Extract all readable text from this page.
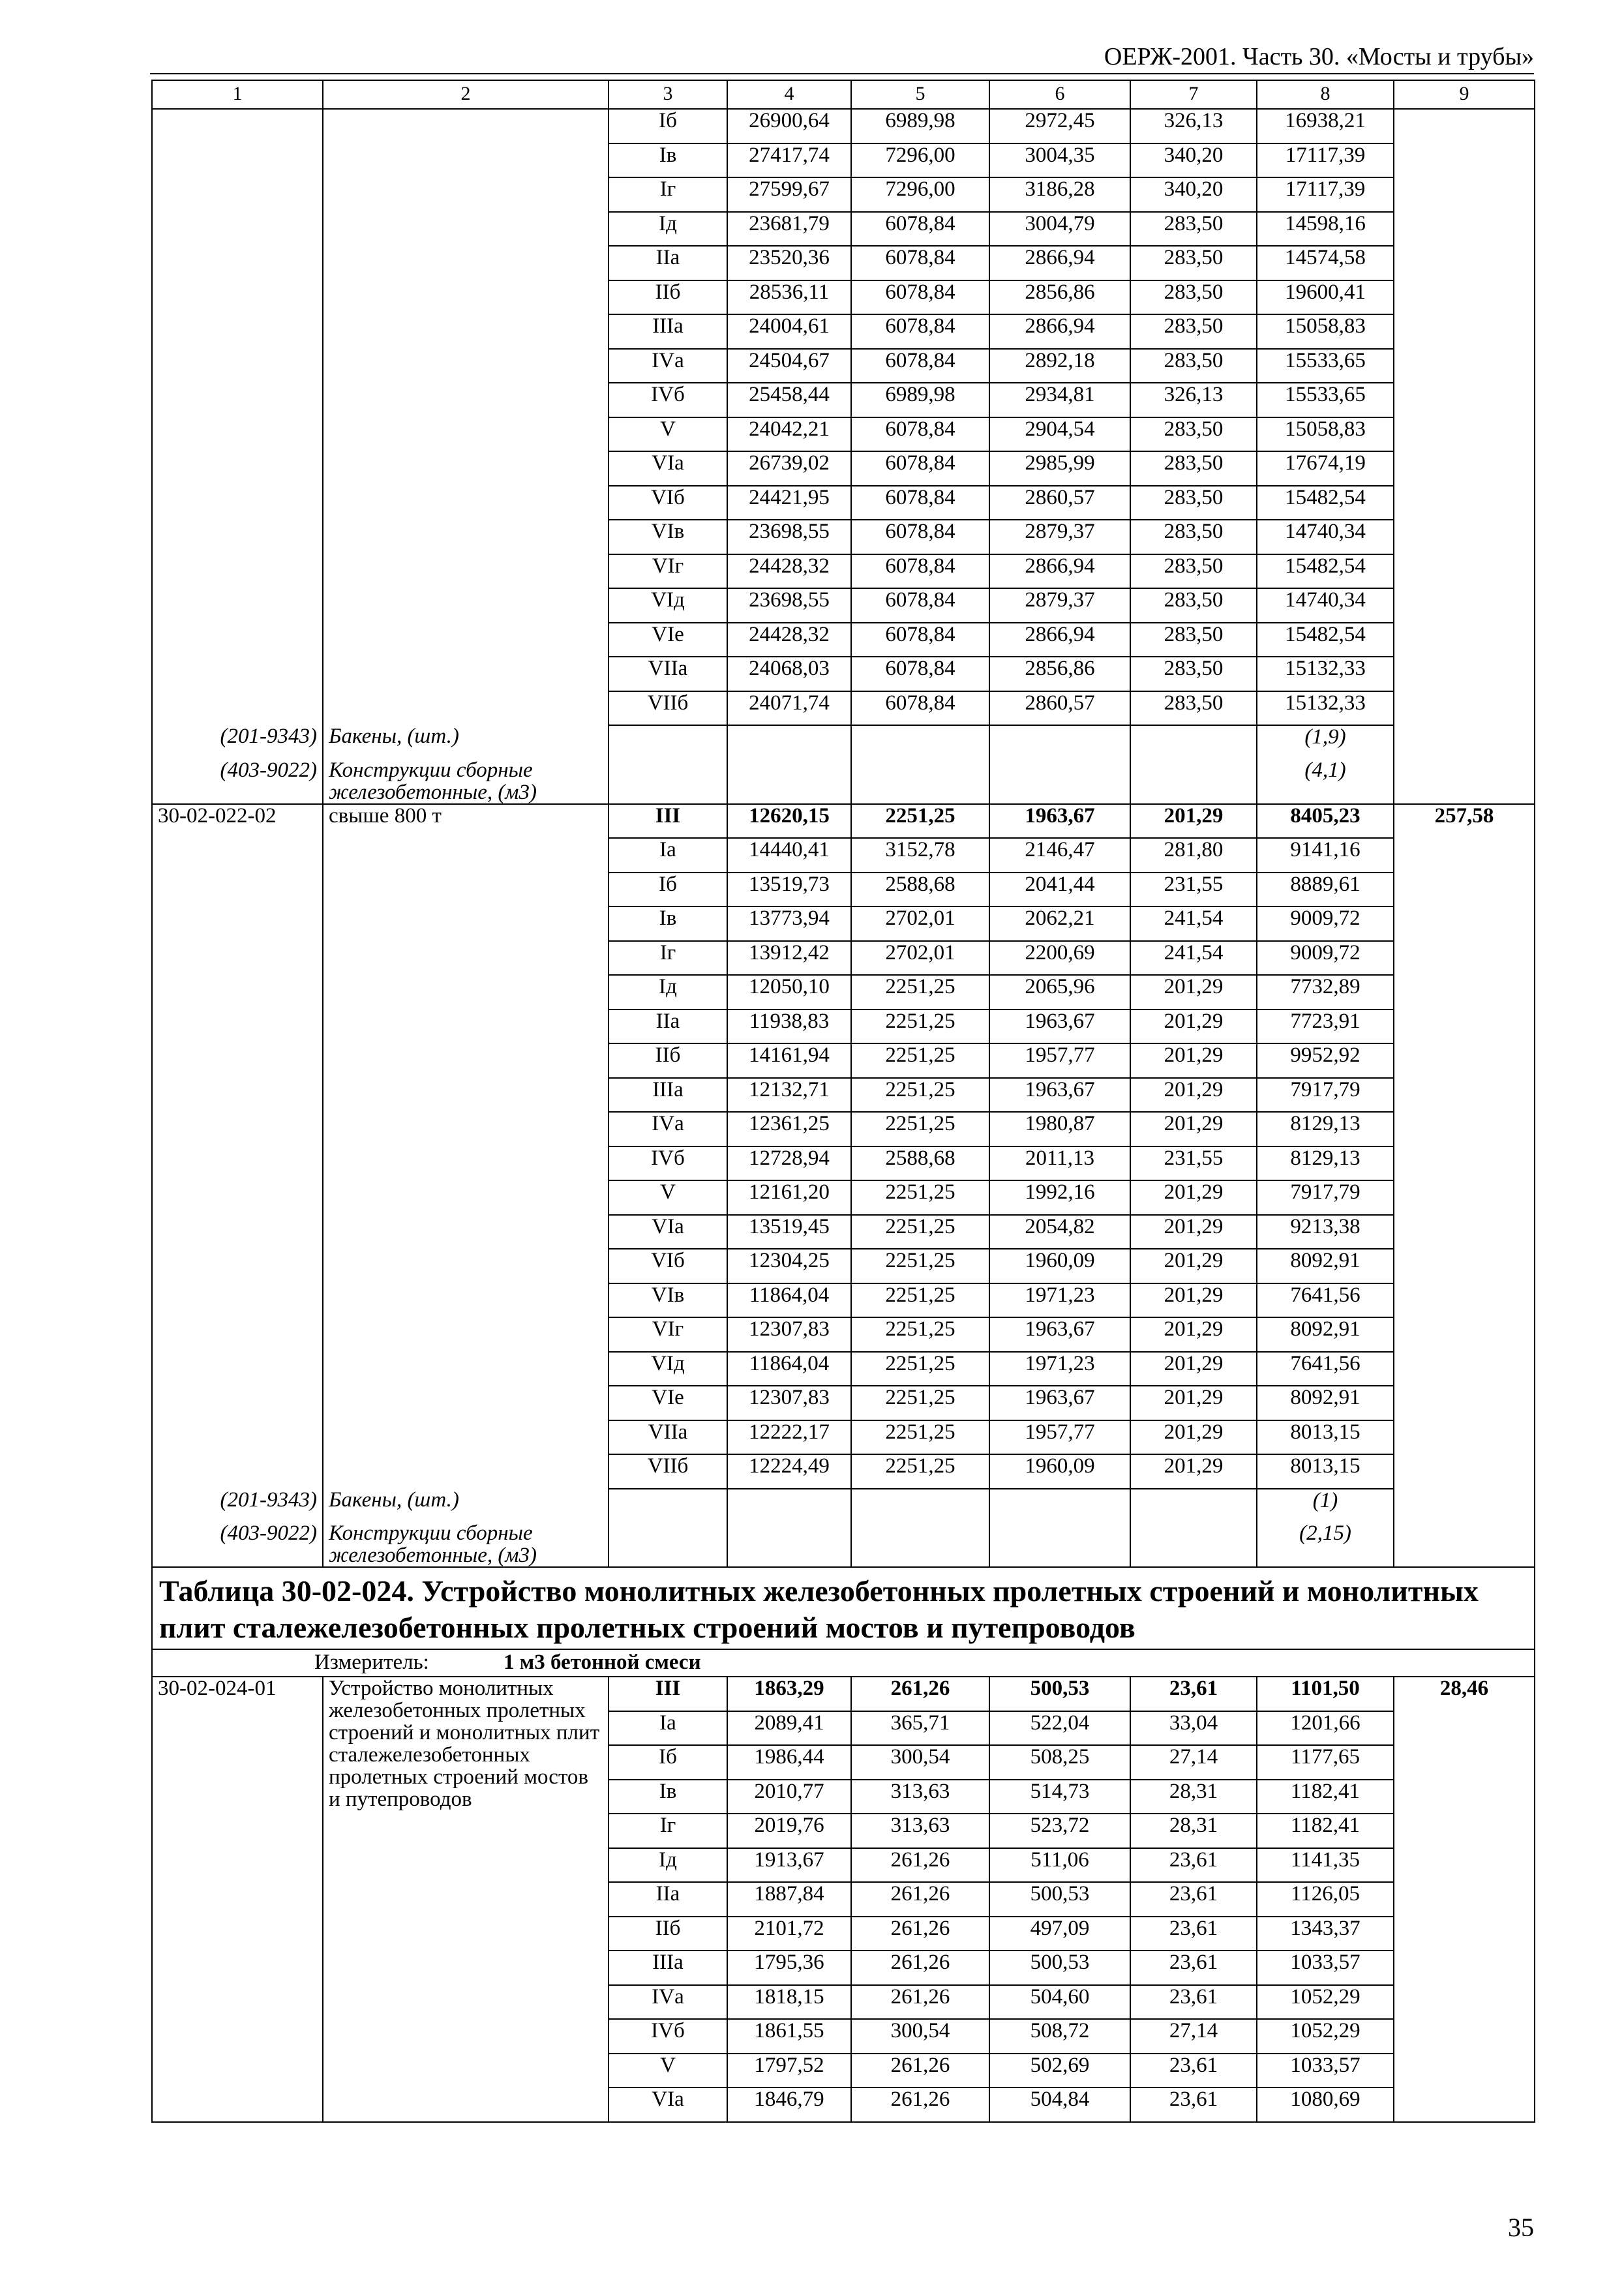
ОЕРЖ-2001. Часть 30. «Мосты и трубы»
1	2	3	4	5	6	7	8	9
		Iб	26900,64	6989,98	2972,45	326,13	16938,21	
		Iв	27417,74	7296,00	3004,35	340,20	17117,39	
		Iг	27599,67	7296,00	3186,28	340,20	17117,39	
		Iд	23681,79	6078,84	3004,79	283,50	14598,16	
		IIа	23520,36	6078,84	2866,94	283,50	14574,58	
		IIб	28536,11	6078,84	2856,86	283,50	19600,41	
		IIIа	24004,61	6078,84	2866,94	283,50	15058,83	
		IVа	24504,67	6078,84	2892,18	283,50	15533,65	
		IVб	25458,44	6989,98	2934,81	326,13	15533,65	
		V	24042,21	6078,84	2904,54	283,50	15058,83	
		VIа	26739,02	6078,84	2985,99	283,50	17674,19	
		VIб	24421,95	6078,84	2860,57	283,50	15482,54	
		VIв	23698,55	6078,84	2879,37	283,50	14740,34	
		VIг	24428,32	6078,84	2866,94	283,50	15482,54	
		VIд	23698,55	6078,84	2879,37	283,50	14740,34	
		VIе	24428,32	6078,84	2866,94	283,50	15482,54	
		VIIа	24068,03	6078,84	2856,86	283,50	15132,33	
		VIIб	24071,74	6078,84	2860,57	283,50	15132,33	
(201-9343)	Бакены, (шт.)						(1,9)	
(403-9022)	Конструкции сборные железобетонные, (м3)						(4,1)	
30-02-022-02	свыше 800 т	III	12620,15	2251,25	1963,67	201,29	8405,23	257,58
		Iа	14440,41	3152,78	2146,47	281,80	9141,16	
		Iб	13519,73	2588,68	2041,44	231,55	8889,61	
		Iв	13773,94	2702,01	2062,21	241,54	9009,72	
		Iг	13912,42	2702,01	2200,69	241,54	9009,72	
		Iд	12050,10	2251,25	2065,96	201,29	7732,89	
		IIа	11938,83	2251,25	1963,67	201,29	7723,91	
		IIб	14161,94	2251,25	1957,77	201,29	9952,92	
		IIIа	12132,71	2251,25	1963,67	201,29	7917,79	
		IVа	12361,25	2251,25	1980,87	201,29	8129,13	
		IVб	12728,94	2588,68	2011,13	231,55	8129,13	
		V	12161,20	2251,25	1992,16	201,29	7917,79	
		VIа	13519,45	2251,25	2054,82	201,29	9213,38	
		VIб	12304,25	2251,25	1960,09	201,29	8092,91	
		VIв	11864,04	2251,25	1971,23	201,29	7641,56	
		VIг	12307,83	2251,25	1963,67	201,29	8092,91	
		VIд	11864,04	2251,25	1971,23	201,29	7641,56	
		VIе	12307,83	2251,25	1963,67	201,29	8092,91	
		VIIа	12222,17	2251,25	1957,77	201,29	8013,15	
		VIIб	12224,49	2251,25	1960,09	201,29	8013,15	
(201-9343)	Бакены, (шт.)						(1)	
(403-9022)	Конструкции сборные железобетонные, (м3)						(2,15)	
Таблица 30-02-024. Устройство монолитных железобетонных пролетных строений и монолитных плит сталежелезобетонных пролетных строений мостов и путепроводов								
Измеритель: 1 м3 бетонной смеси								
30-02-024-01	Устройство монолитных железобетонных пролетных строений и монолитных плит сталежелезобетонных пролетных строений мостов и путепроводов	III	1863,29	261,26	500,53	23,61	1101,50	28,46
		Iа	2089,41	365,71	522,04	33,04	1201,66	
		Iб	1986,44	300,54	508,25	27,14	1177,65	
		Iв	2010,77	313,63	514,73	28,31	1182,41	
		Iг	2019,76	313,63	523,72	28,31	1182,41	
		Iд	1913,67	261,26	511,06	23,61	1141,35	
		IIа	1887,84	261,26	500,53	23,61	1126,05	
		IIб	2101,72	261,26	497,09	23,61	1343,37	
		IIIа	1795,36	261,26	500,53	23,61	1033,57	
		IVа	1818,15	261,26	504,60	23,61	1052,29	
		IVб	1861,55	300,54	508,72	27,14	1052,29	
		V	1797,52	261,26	502,69	23,61	1033,57	
		VIа	1846,79	261,26	504,84	23,61	1080,69	
35
